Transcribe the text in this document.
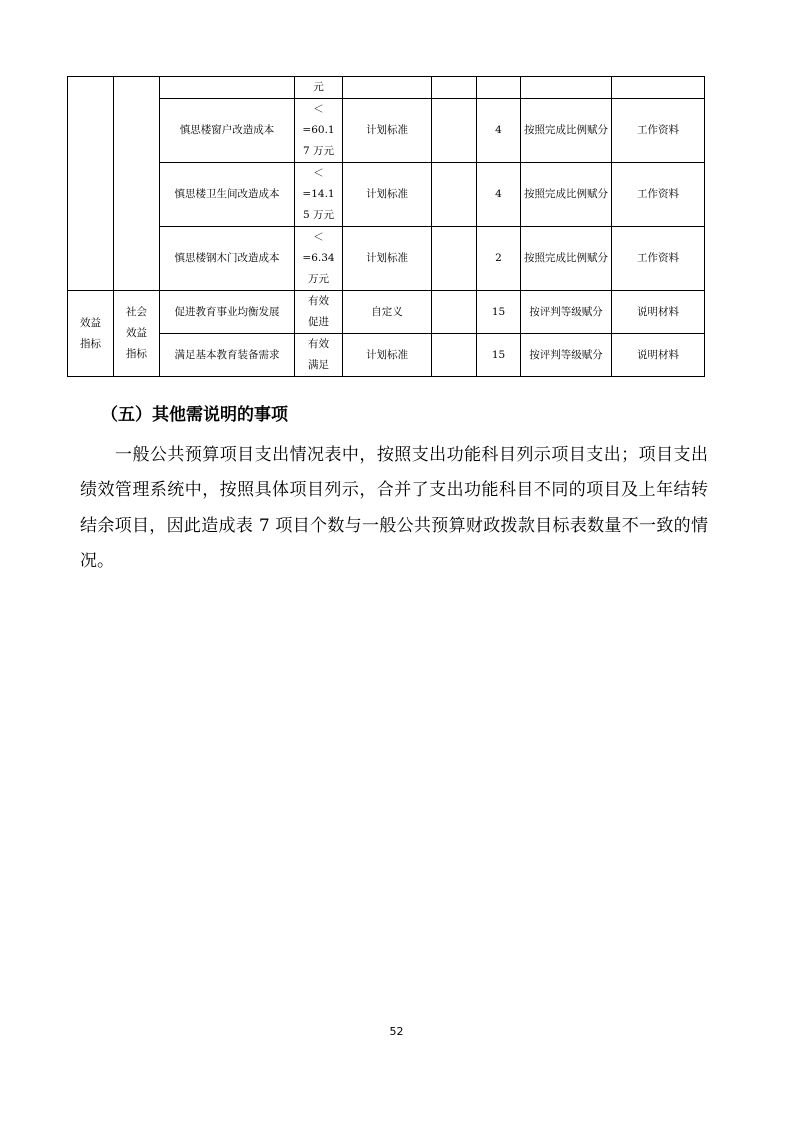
			元					
		慎思楼窗户改造成本	＜
=60.1
7 万元	计划标准		4	按照完成比例赋分	工作资料
		慎思楼卫生间改造成本	＜
=14.1
5 万元	计划标准		4	按照完成比例赋分	工作资料
		慎思楼钢木门改造成本	＜
=6.34
万元	计划标准		2	按照完成比例赋分	工作资料
效益指标	社会效益指标	促进教育事业均衡发展	有效促进	自定义		15	按评判等级赋分	说明材料
		满足基本教育装备需求	有效满足	计划标准		15	按评判等级赋分	说明材料
（五）其他需说明的事项

一般公共预算项目支出情况表中，按照支出功能科目列示项目支出；项目支出绩效管理系统中，按照具体项目列示，合并了支出功能科目不同的项目及上年结转结余项目，因此造成表 7 项目个数与一般公共预算财政拨款目标表数量不一致的情况。

52
